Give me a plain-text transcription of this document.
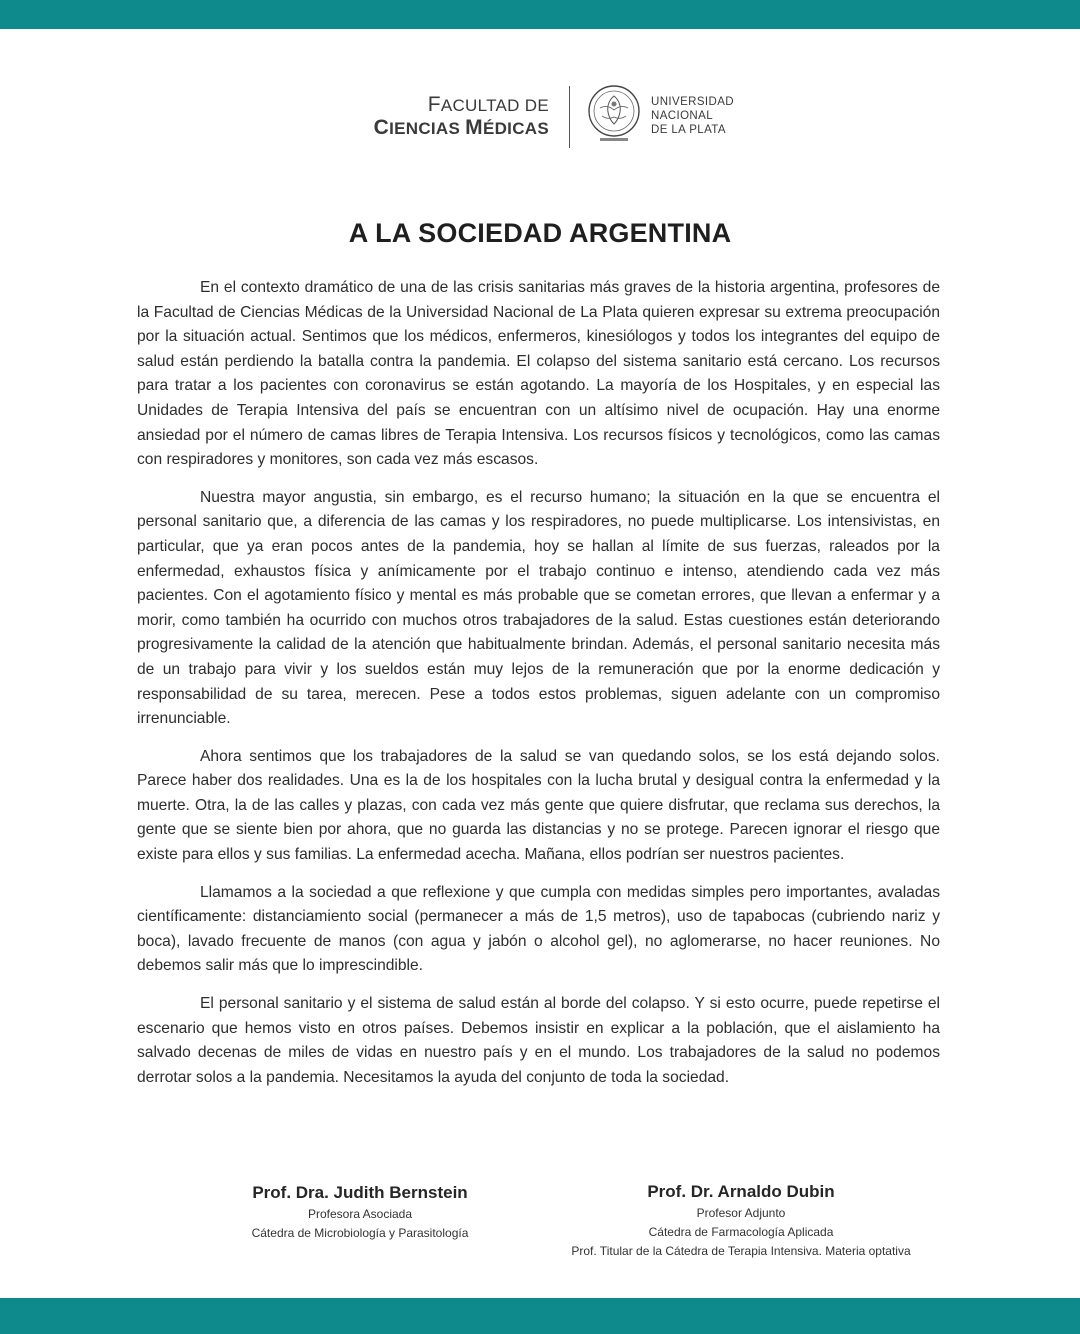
FACULTAD DE
CIENCIAS MÉDICAS
UNIVERSIDAD
NACIONAL
DE LA PLATA
A LA SOCIEDAD ARGENTINA

En el contexto dramático de una de las crisis sanitarias más graves de la historia argentina, profesores de la Facultad de Ciencias Médicas de la Universidad Nacional de La Plata quieren expresar su extrema preocupación por la situación actual. Sentimos que los médicos, enfermeros, kinesiólogos y todos los integrantes del equipo de salud están perdiendo la batalla contra la pandemia. El colapso del sistema sanitario está cercano. Los recursos para tratar a los pacientes con coronavirus se están agotando. La mayoría de los Hospitales, y en especial las Unidades de Terapia Intensiva del país se encuentran con un altísimo nivel de ocupación. Hay una enorme ansiedad por el número de camas libres de Terapia Intensiva. Los recursos físicos y tecnológicos, como las camas con respiradores y monitores, son cada vez más escasos.

Nuestra mayor angustia, sin embargo, es el recurso humano; la situación en la que se encuentra el personal sanitario que, a diferencia de las camas y los respiradores, no puede multiplicarse. Los intensivistas, en particular, que ya eran pocos antes de la pandemia, hoy se hallan al límite de sus fuerzas, raleados por la enfermedad, exhaustos física y anímicamente por el trabajo continuo e intenso, atendiendo cada vez más pacientes. Con el agotamiento físico y mental es más probable que se cometan errores, que llevan a enfermar y a morir, como también ha ocurrido con muchos otros trabajadores de la salud. Estas cuestiones están deteriorando progresivamente la calidad de la atención que habitualmente brindan. Además, el personal sanitario necesita más de un trabajo para vivir y los sueldos están muy lejos de la remuneración que por la enorme dedicación y responsabilidad de su tarea, merecen. Pese a todos estos problemas, siguen adelante con un compromiso irrenunciable.

Ahora sentimos que los trabajadores de la salud se van quedando solos, se los está dejando solos. Parece haber dos realidades. Una es la de los hospitales con la lucha brutal y desigual contra la enfermedad y la muerte. Otra, la de las calles y plazas, con cada vez más gente que quiere disfrutar, que reclama sus derechos, la gente que se siente bien por ahora, que no guarda las distancias y no se protege. Parecen ignorar el riesgo que existe para ellos y sus familias. La enfermedad acecha. Mañana, ellos podrían ser nuestros pacientes.

Llamamos a la sociedad a que reflexione y que cumpla con medidas simples pero importantes, avaladas científicamente: distanciamiento social (permanecer a más de 1,5 metros), uso de tapabocas (cubriendo nariz y boca), lavado frecuente de manos (con agua y jabón o alcohol gel), no aglomerarse, no hacer reuniones. No debemos salir más que lo imprescindible.

El personal sanitario y el sistema de salud están al borde del colapso. Y si esto ocurre, puede repetirse el escenario que hemos visto en otros países. Debemos insistir en explicar a la población, que el aislamiento ha salvado decenas de miles de vidas en nuestro país y en el mundo. Los trabajadores de la salud no podemos derrotar solos a la pandemia. Necesitamos la ayuda del conjunto de toda la sociedad.

Prof. Dra. Judith Bernstein
Profesora Asociada
Cátedra de Microbiología y Parasitología
Prof. Dr. Arnaldo Dubin
Profesor Adjunto
Cátedra de Farmacología Aplicada
Prof. Titular de la Cátedra de Terapia Intensiva. Materia optativa
